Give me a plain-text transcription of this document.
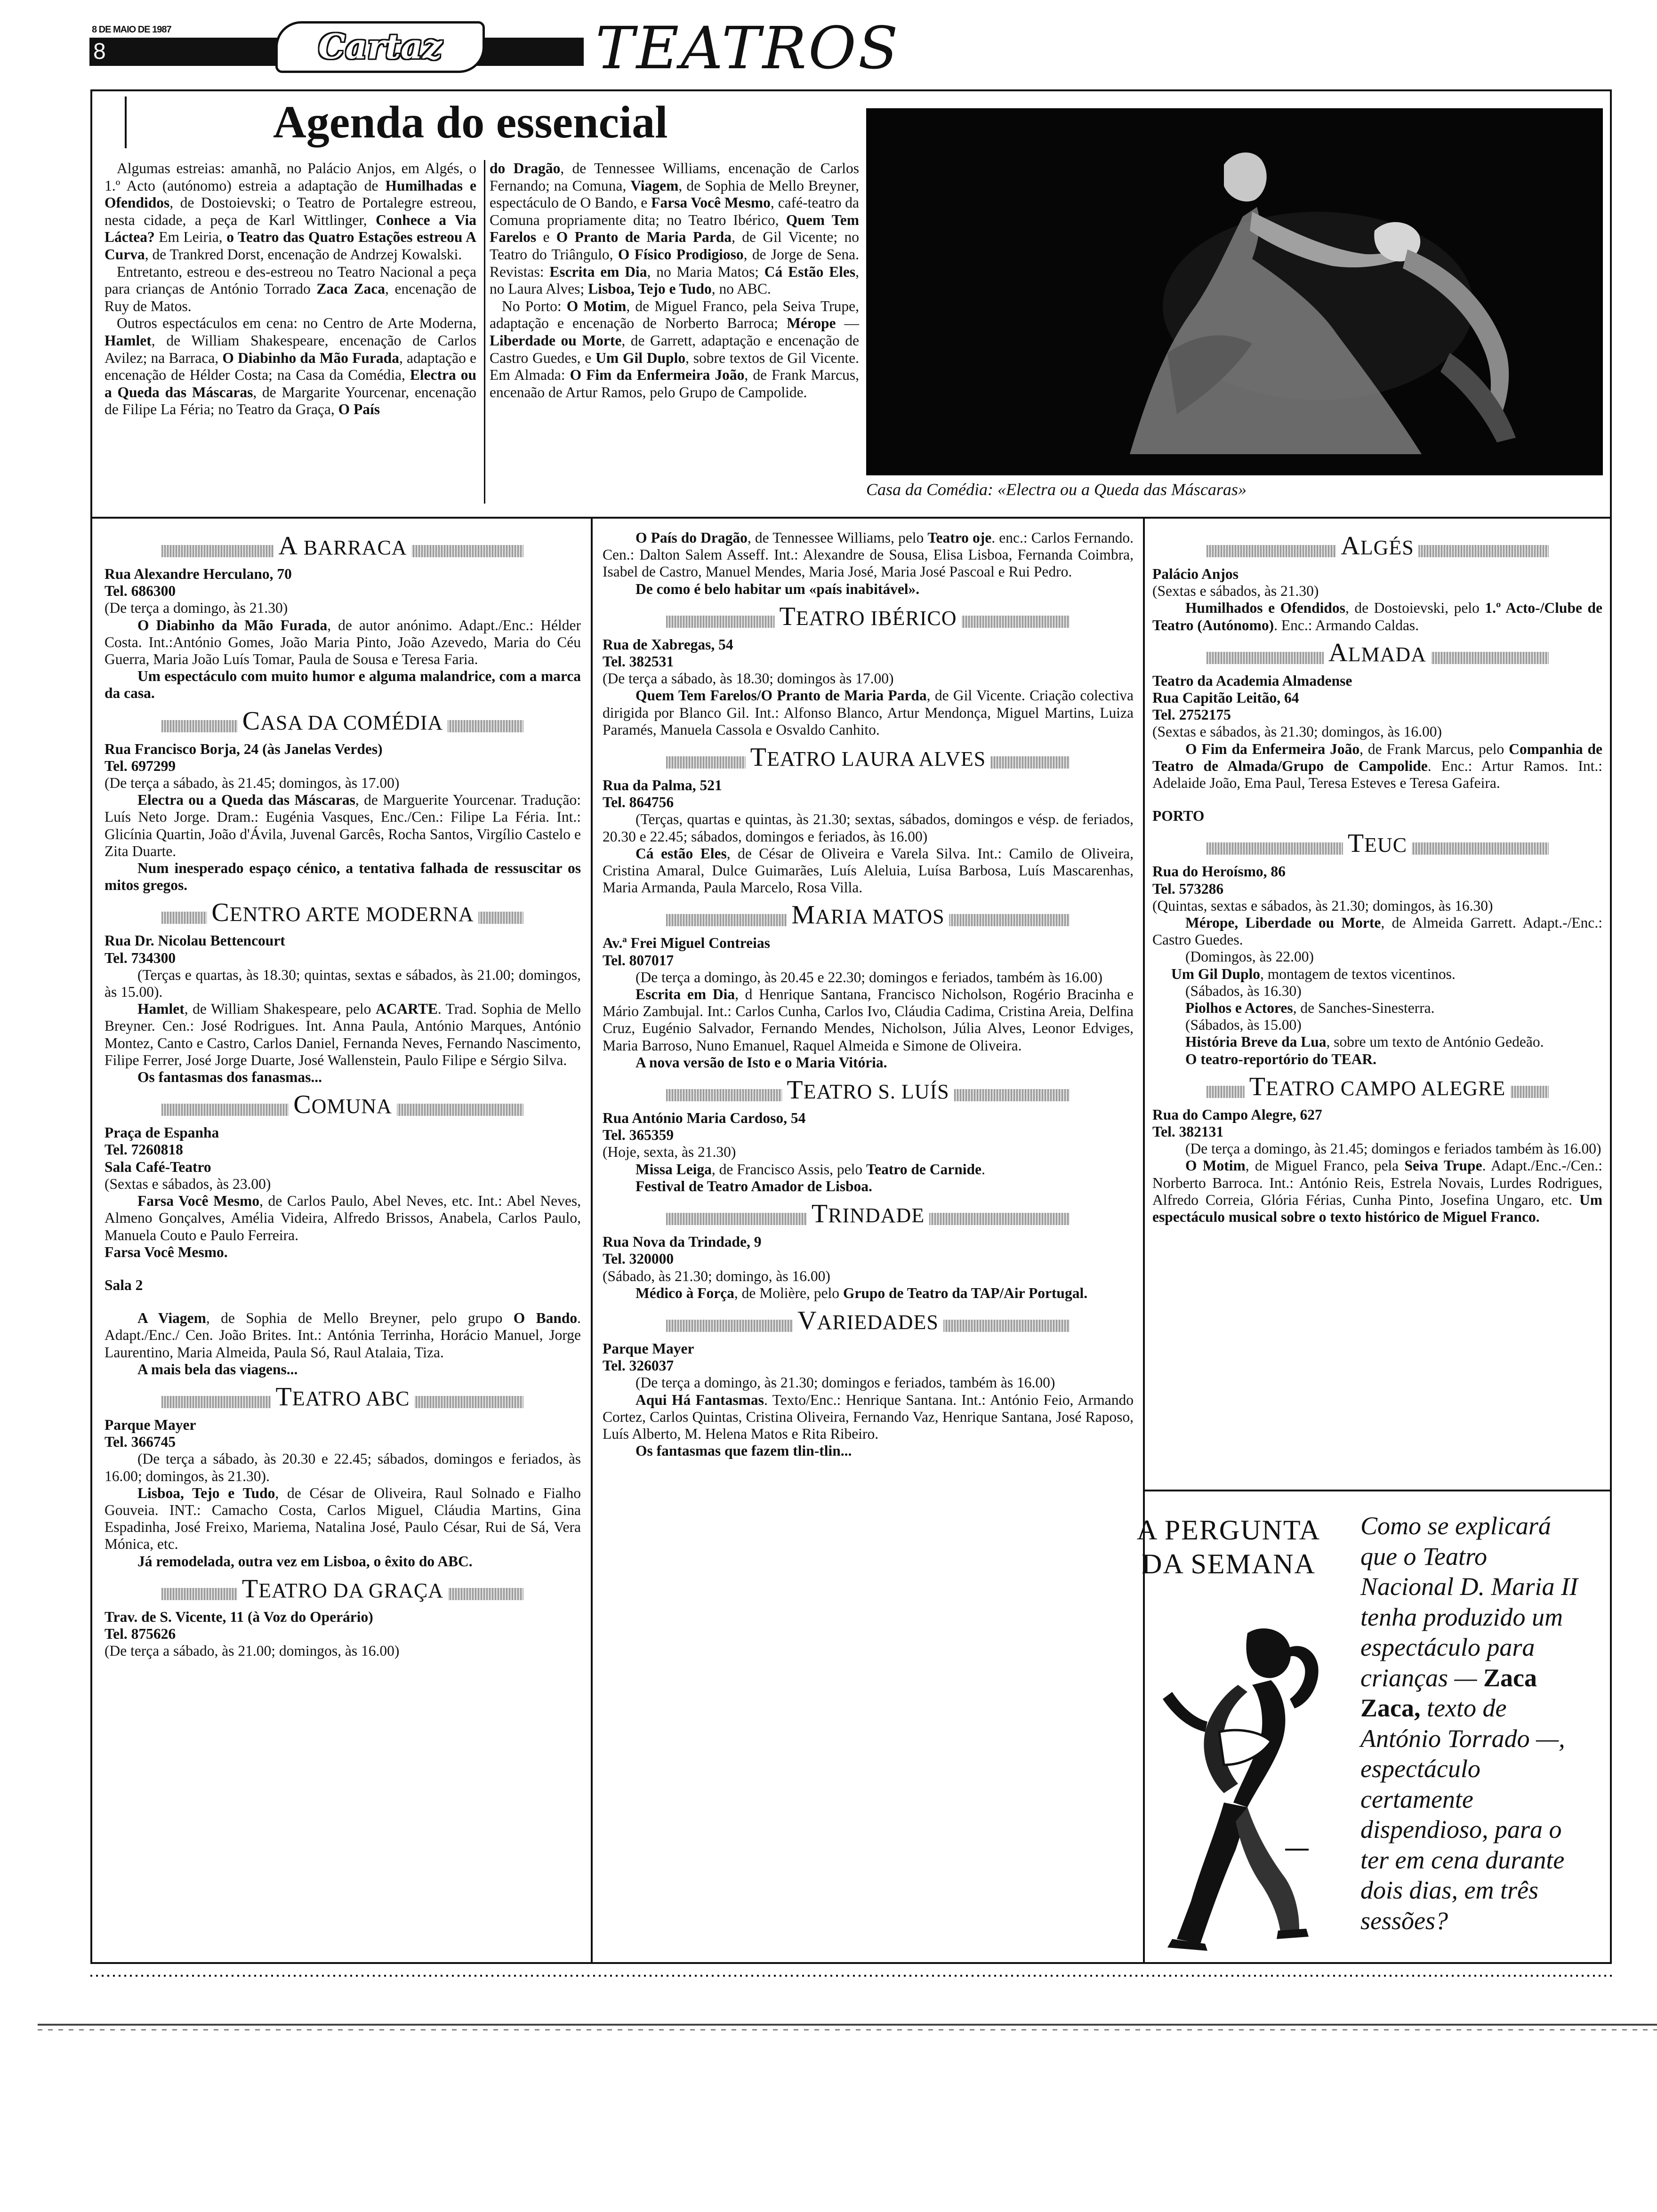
8 DE MAIO DE 1987
8	Cartaz	TEATROS
Agenda do essencial

Algumas estreias: amanhã, no Palácio Anjos, em Algés, o 1.º Acto (autónomo) estreia a adaptação de Humilhadas e Ofendidos, de Dostoievski; o Teatro de Portalegre estreou, nesta cidade, a peça de Karl Wittlinger, Conhece a Via Láctea? Em Leiria, o Teatro das Quatro Estações estreou A Curva, de Trankred Dorst, encenação de Andrzej Kowalski.

Entretanto, estreou e des-estreou no Teatro Nacional a peça para crianças de António Torrado Zaca Zaca, encenação de Ruy de Matos.

Outros espectáculos em cena: no Centro de Arte Moderna, Hamlet, de William Shakespeare, encenação de Carlos Avilez; na Barraca, O Diabinho da Mão Furada, adaptação e encenação de Hélder Costa; na Casa da Comédia, Electra ou a Queda das Máscaras, de Margarite Yourcenar, encenação de Filipe La Féria; no Teatro da Graça, O País

do Dragão, de Tennessee Williams, encenação de Carlos Fernando; na Comuna, Viagem, de Sophia de Mello Breyner, espectáculo de O Bando, e Farsa Você Mesmo, café-teatro da Comuna propriamente dita; no Teatro Ibérico, Quem Tem Farelos e O Pranto de Maria Parda, de Gil Vicente; no Teatro do Triângulo, O Físico Prodigioso, de Jorge de Sena. Revistas: Escrita em Dia, no Maria Matos; Cá Estão Eles, no Laura Alves; Lisboa, Tejo e Tudo, no ABC.

No Porto: O Motim, de Miguel Franco, pela Seiva Trupe, adaptação e encenação de Norberto Barroca; Mérope — Liberdade ou Morte, de Garrett, adaptação e encenação de Castro Guedes, e Um Gil Duplo, sobre textos de Gil Vicente. Em Almada: O Fim da Enfermeira João, de Frank Marcus, encenaão de Artur Ramos, pelo Grupo de Campolide.

Casa da Comédia: «Electra ou a Queda das Máscaras»
A BARRACA

Rua Alexandre Herculano, 70

Tel. 686300

(De terça a domingo, às 21.30)

O Diabinho da Mão Furada, de autor anónimo. Adapt./Enc.: Hélder Costa. Int.:António Gomes, João Maria Pinto, João Azevedo, Maria do Céu Guerra, Maria João Luís Tomar, Paula de Sousa e Teresa Faria.

Um espectáculo com muito humor e alguma malandrice, com a marca da casa.

CASA DA COMÉDIA

Rua Francisco Borja, 24 (às Janelas Verdes)

Tel. 697299

(De terça a sábado, às 21.45; domingos, às 17.00)

Electra ou a Queda das Máscaras, de Marguerite Yourcenar. Tradução: Luís Neto Jorge. Dram.: Eugénia Vasques, Enc./Cen.: Filipe La Féria. Int.: Glicínia Quartin, João d'Ávila, Juvenal Garcês, Rocha Santos, Virgílio Castelo e Zita Duarte.

Num inesperado espaço cénico, a tentativa falhada de ressuscitar os mitos gregos.

CENTRO ARTE MODERNA

Rua Dr. Nicolau Bettencourt

Tel. 734300

(Terças e quartas, às 18.30; quintas, sextas e sábados, às 21.00; domingos, às 15.00).

Hamlet, de William Shakespeare, pelo ACARTE. Trad. Sophia de Mello Breyner. Cen.: José Rodrigues. Int. Anna Paula, António Marques, António Montez, Canto e Castro, Carlos Daniel, Fernanda Neves, Fernando Nascimento, Filipe Ferrer, José Jorge Duarte, José Wallenstein, Paulo Filipe e Sérgio Silva.

Os fantasmas dos fanasmas...

COMUNA

Praça de Espanha

Tel. 7260818

Sala Café-Teatro

(Sextas e sábados, às 23.00)

Farsa Você Mesmo, de Carlos Paulo, Abel Neves, etc. Int.: Abel Neves, Almeno Gonçalves, Amélia Videira, Alfredo Brissos, Anabela, Carlos Paulo, Manuela Couto e Paulo Ferreira.

Farsa Você Mesmo.

Sala 2

A Viagem, de Sophia de Mello Breyner, pelo grupo O Bando. Adapt./Enc./ Cen. João Brites. Int.: Antónia Terrinha, Horácio Manuel, Jorge Laurentino, Maria Almeida, Paula Só, Raul Atalaia, Tiza.

A mais bela das viagens...

TEATRO ABC

Parque Mayer

Tel. 366745

(De terça a sábado, às 20.30 e 22.45; sábados, domingos e feriados, às 16.00; domingos, às 21.30).

Lisboa, Tejo e Tudo, de César de Oliveira, Raul Solnado e Fialho Gouveia. INT.: Camacho Costa, Carlos Miguel, Cláudia Martins, Gina Espadinha, José Freixo, Mariema, Natalina José, Paulo César, Rui de Sá, Vera Mónica, etc.

Já remodelada, outra vez em Lisboa, o êxito do ABC.

TEATRO DA GRAÇA

Trav. de S. Vicente, 11 (à Voz do Operário)

Tel. 875626

(De terça a sábado, às 21.00; domingos, às 16.00)

O País do Dragão, de Tennessee Williams, pelo Teatro oje. enc.: Carlos Fernando. Cen.: Dalton Salem Asseff. Int.: Alexandre de Sousa, Elisa Lisboa, Fernanda Coimbra, Isabel de Castro, Manuel Mendes, Maria José, Maria José Pascoal e Rui Pedro.

De como é belo habitar um «país inabitável».

TEATRO IBÉRICO

Rua de Xabregas, 54

Tel. 382531

(De terça a sábado, às 18.30; domingos às 17.00)

Quem Tem Farelos/O Pranto de Maria Parda, de Gil Vicente. Criação colectiva dirigida por Blanco Gil. Int.: Alfonso Blanco, Artur Mendonça, Miguel Martins, Luiza Paramés, Manuela Cassola e Osvaldo Canhito.

TEATRO LAURA ALVES

Rua da Palma, 521

Tel. 864756

(Terças, quartas e quintas, às 21.30; sextas, sábados, domingos e vésp. de feriados, 20.30 e 22.45; sábados, domingos e feriados, às 16.00)

Cá estão Eles, de César de Oliveira e Varela Silva. Int.: Camilo de Oliveira, Cristina Amaral, Dulce Guimarães, Luís Aleluia, Luísa Barbosa, Luís Mascarenhas, Maria Armanda, Paula Marcelo, Rosa Villa.

MARIA MATOS

Av.ª Frei Miguel Contreias

Tel. 807017

(De terça a domingo, às 20.45 e 22.30; domingos e feriados, também às 16.00)

Escrita em Dia, d Henrique Santana, Francisco Nicholson, Rogério Bracinha e Mário Zambujal. Int.: Carlos Cunha, Carlos Ivo, Cláudia Cadima, Cristina Areia, Delfina Cruz, Eugénio Salvador, Fernando Mendes, Nicholson, Júlia Alves, Leonor Edviges, Maria Barroso, Nuno Emanuel, Raquel Almeida e Simone de Oliveira.

A nova versão de Isto e o Maria Vitória.

TEATRO S. LUÍS

Rua António Maria Cardoso, 54

Tel. 365359

(Hoje, sexta, às 21.30)

Missa Leiga, de Francisco Assis, pelo Teatro de Carnide.

Festival de Teatro Amador de Lisboa.

TRINDADE

Rua Nova da Trindade, 9

Tel. 320000

(Sábado, às 21.30; domingo, às 16.00)

Médico à Força, de Molière, pelo Grupo de Teatro da TAP/Air Portugal.

VARIEDADES

Parque Mayer

Tel. 326037

(De terça a domingo, às 21.30; domingos e feriados, também às 16.00)

Aqui Há Fantasmas. Texto/Enc.: Henrique Santana. Int.: António Feio, Armando Cortez, Carlos Quintas, Cristina Oliveira, Fernando Vaz, Henrique Santana, José Raposo, Luís Alberto, M. Helena Matos e Rita Ribeiro.

Os fantasmas que fazem tlin-tlin...

ALGÉS

Palácio Anjos

(Sextas e sábados, às 21.30)

Humilhados e Ofendidos, de Dostoievski, pelo 1.º Acto-/Clube de Teatro (Autónomo). Enc.: Armando Caldas.

ALMADA

Teatro da Academia Almadense

Rua Capitão Leitão, 64

Tel. 2752175

(Sextas e sábados, às 21.30; domingos, às 16.00)

O Fim da Enfermeira João, de Frank Marcus, pelo Companhia de Teatro de Almada/Grupo de Campolide. Enc.: Artur Ramos. Int.: Adelaide João, Ema Paul, Teresa Esteves e Teresa Gafeira.

PORTO

TEUC

Rua do Heroísmo, 86

Tel. 573286

(Quintas, sextas e sábados, às 21.30; domingos, às 16.30)

Mérope, Liberdade ou Morte, de Almeida Garrett. Adapt.-/Enc.: Castro Guedes.

(Domingos, às 22.00)

Um Gil Duplo, montagem de textos vicentinos.

(Sábados, às 16.30)

Piolhos e Actores, de Sanches-Sinesterra.

(Sábados, às 15.00)

História Breve da Lua, sobre um texto de António Gedeão.

O teatro-reportório do TEAR.

TEATRO CAMPO ALEGRE

Rua do Campo Alegre, 627

Tel. 382131

(De terça a domingo, às 21.45; domingos e feriados também às 16.00)

O Motim, de Miguel Franco, pela Seiva Trupe. Adapt./Enc.-/Cen.: Norberto Barroca. Int.: António Reis, Estrela Novais, Lurdes Rodrigues, Alfredo Correia, Glória Férias, Cunha Pinto, Josefina Ungaro, etc. Um espectáculo musical sobre o texto histórico de Miguel Franco.

A PERGUNTA DA SEMANA
Como se explicará que o Teatro Nacional D. Maria II tenha produzido um espectáculo para crianças — Zaca Zaca, texto de António Torrado —, espectáculo certamente dispendioso, para o ter em cena durante dois dias, em três sessões?
